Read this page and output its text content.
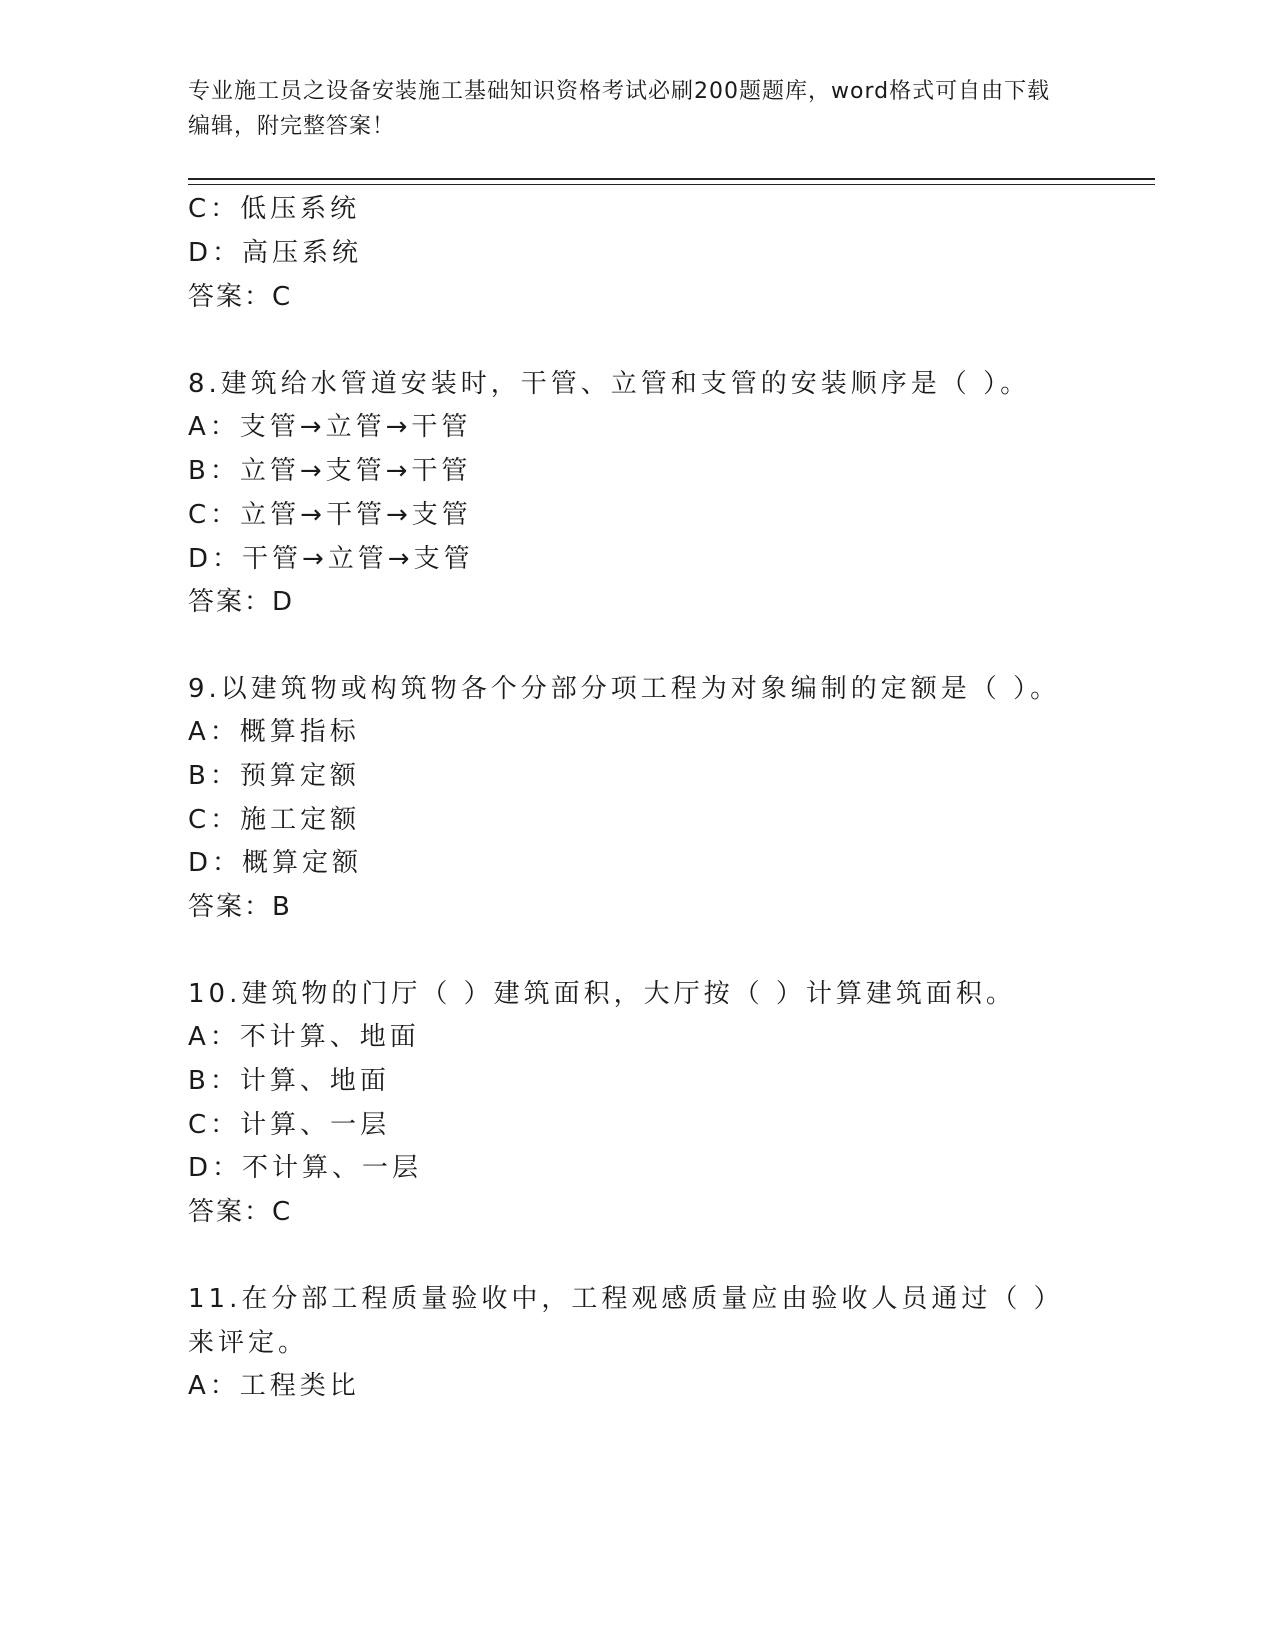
专业施工员之设备安装施工基础知识资格考试必刷200题题库，word格式可自由下载编辑，附完整答案！
C：低压系统
D：高压系统
答案：C
8.建筑给水管道安装时，干管、立管和支管的安装顺序是（ ）。
A：支管→立管→干管
B：立管→支管→干管
C：立管→干管→支管
D：干管→立管→支管
答案：D
9.以建筑物或构筑物各个分部分项工程为对象编制的定额是（ ）。
A：概算指标
B：预算定额
C：施工定额
D：概算定额
答案：B
10.建筑物的门厅（ ）建筑面积，大厅按（ ）计算建筑面积。
A：不计算、地面
B：计算、地面
C：计算、一层
D：不计算、一层
答案：C
11.在分部工程质量验收中，工程观感质量应由验收人员通过（ ）来评定。
A：工程类比
